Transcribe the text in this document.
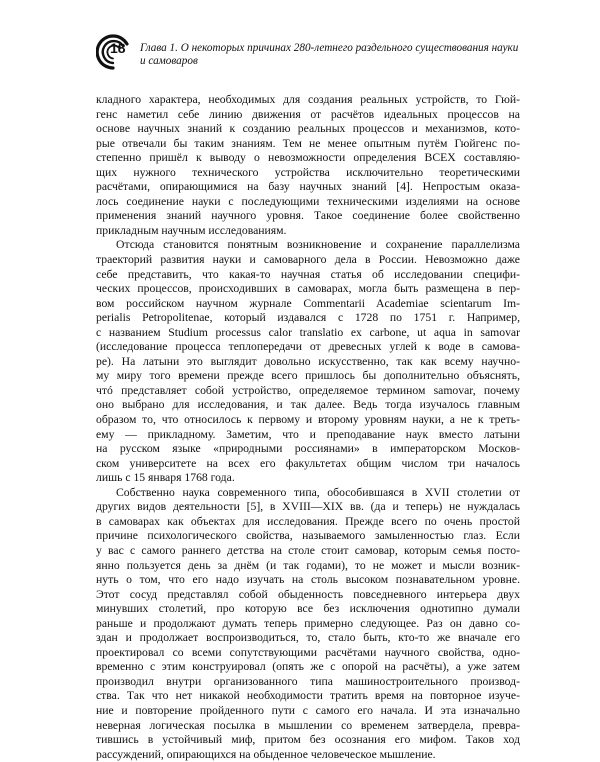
18 Глава 1. О некоторых причинах 280-летнего раздельного существования науки
и самоваров
кладного характера, необходимых для создания реальных устройств, то Гюй-
генс наметил себе линию движения от расчётов идеальных процессов на
основе научных знаний к созданию реальных процессов и механизмов, кото-
рые отвечали бы таким знаниям. Тем не менее опытным путём Гюйгенс по-
степенно пришёл к выводу о невозможности определения ВСЕХ составляю-
щих нужного технического устройства исключительно теоретическими
расчётами, опирающимися на базу научных знаний [4]. Непростым оказа-
лось соединение науки с последующими техническими изделиями на основе
применения знаний научного уровня. Такое соединение более свойственно
прикладным научным исследованиям.
Отсюда становится понятным возникновение и сохранение параллелизма
траекторий развития науки и самоварного дела в России. Невозможно даже
себе представить, что какая-то научная статья об исследовании специфи-
ческих процессов, происходивших в самоварах, могла быть размещена в пер-
вом российском научном журнале Commentarii Academiae scientarum Im-
perialis Petropolitenae, который издавался с 1728 по 1751 г. Например,
с названием Studium processus calor translatio ex carbone, ut aqua in samovar
(исследование процесса теплопередачи от древесных углей к воде в самова-
ре). На латыни это выглядит довольно искусственно, так как всему научно-
му миру того времени прежде всего пришлось бы дополнительно объяснять,
чтó представляет собой устройство, определяемое термином samovar, почему
оно выбрано для исследования, и так далее. Ведь тогда изучалось главным
образом то, что относилось к первому и второму уровням науки, а не к треть-
ему — прикладному. Заметим, что и преподавание наук вместо латыни
на русском языке «природными россиянами» в императорском Москов-
ском университете на всех его факультетах общим числом три началось
лишь с 15 января 1768 года.
Собственно наука современного типа, обособившаяся в XVII столетии от
других видов деятельности [5], в XVIII—XIX вв. (да и теперь) не нуждалась
в самоварах как объектах для исследования. Прежде всего по очень простой
причине психологического свойства, называемого замыленностью глаз. Если
у вас с самого раннего детства на столе стоит самовар, которым семья посто-
янно пользуется день за днём (и так годами), то не может и мысли возник-
нуть о том, что его надо изучать на столь высоком познавательном уровне.
Этот сосуд представлял собой обыденность повседневного интерьера двух
минувших столетий, про которую все без исключения однотипно думали
раньше и продолжают думать теперь примерно следующее. Раз он давно со-
здан и продолжает воспроизводиться, то, стало быть, кто-то же вначале его
проектировал со всеми сопутствующими расчётами научного свойства, одно-
временно с этим конструировал (опять же с опорой на расчёты), а уже затем
производил внутри организованного типа машиностроительного производ-
ства. Так что нет никакой необходимости тратить время на повторное изуче-
ние и повторение пройденного пути с самого его начала. И эта изначально
неверная логическая посылка в мышлении со временем затвердела, превра-
тившись в устойчивый миф, притом без осознания его мифом. Таков ход
рассуждений, опирающихся на обыденное человеческое мышление.
